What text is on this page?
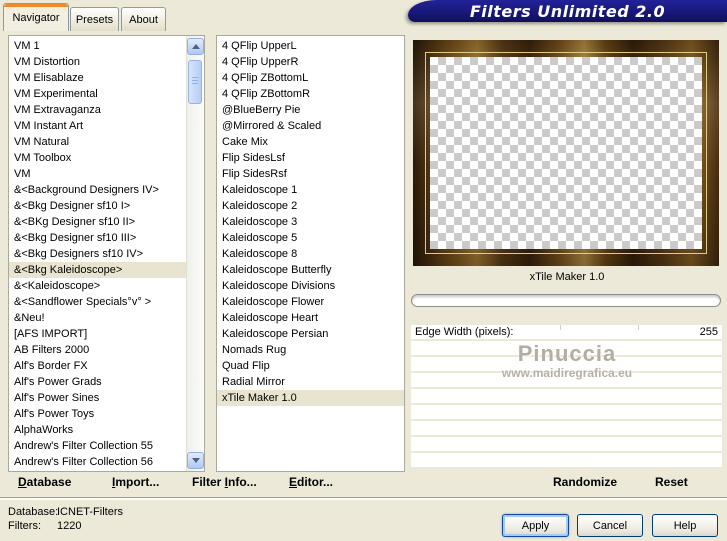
Filters Unlimited 2.0
Navigator Presets About
VM 1
VM Distortion
VM Elisablaze
VM Experimental
VM Extravaganza
VM Instant Art
VM Natural
VM Toolbox
VM
&<Background Designers IV>
&<Bkg Designer sf10 I>
&<BKg Designer sf10 II>
&<Bkg Designer sf10 III>
&<Bkg Designers sf10 IV>
&<Bkg Kaleidoscope>
&<Kaleidoscope>
&<Sandflower Specials°v° >
&Neu!
[AFS IMPORT]
AB Filters 2000
Alf's Border FX
Alf's Power Grads
Alf's Power Sines
Alf's Power Toys
AlphaWorks
Andrew's Filter Collection 55
Andrew's Filter Collection 56
4 QFlip UpperL
4 QFlip UpperR
4 QFlip ZBottomL
4 QFlip ZBottomR
@BlueBerry Pie
@Mirrored & Scaled
Cake Mix
Flip SidesLsf
Flip SidesRsf
Kaleidoscope 1
Kaleidoscope 2
Kaleidoscope 3
Kaleidoscope 5
Kaleidoscope 8
Kaleidoscope Butterfly
Kaleidoscope Divisions
Kaleidoscope Flower
Kaleidoscope Heart
Kaleidoscope Persian
Nomads Rug
Quad Flip
Radial Mirror
xTile Maker 1.0
xTile Maker 1.0
Edge Width (pixels):	255
Pinuccia
www.maidiregrafica.eu
Randomize	Reset
Database	Import...	Filter Info...	Editor...
Database:
ICNET-Filters
Filters: 1220	Apply	Cancel	Help
